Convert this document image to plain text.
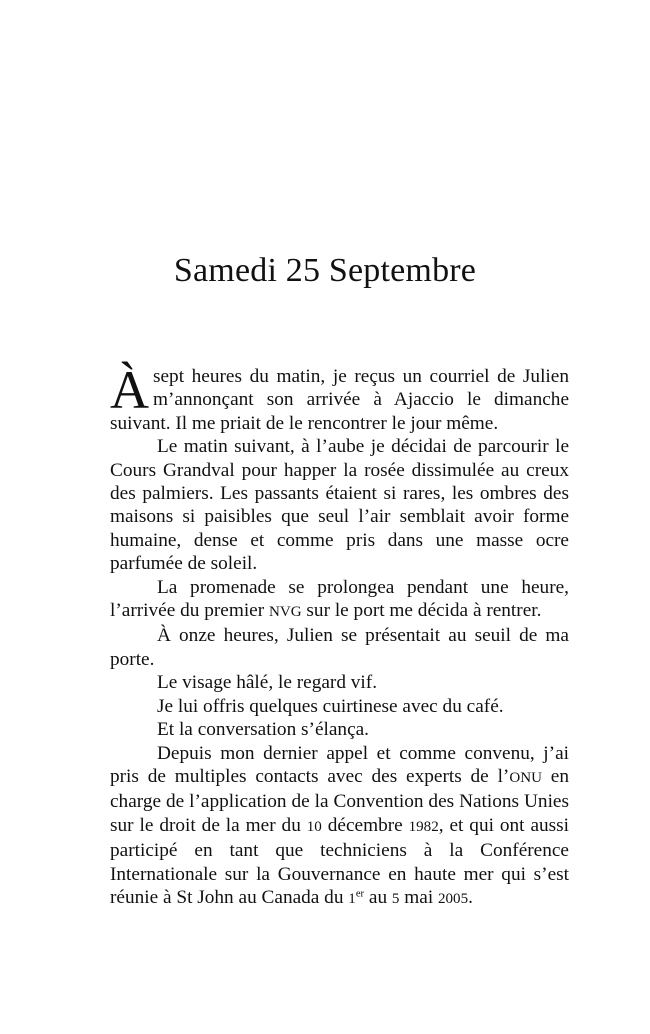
Samedi 25 Septembre

Àsept heures du matin, je reçus un courriel de Julien m’annonçant son arrivée à Ajaccio le dimanche suivant. Il me priait de le rencontrer le jour même.

Le matin suivant, à l’aube je décidai de parcourir le Cours Grandval pour happer la rosée dissimulée au creux des palmiers. Les passants étaient si rares, les ombres des maisons si paisibles que seul l’air semblait avoir forme humaine, dense et comme pris dans une masse ocre parfumée de soleil.

La promenade se prolongea pendant une heure, l’arrivée du premier NVG sur le port me décida à rentrer.

À onze heures, Julien se présentait au seuil de ma porte.

Le visage hâlé, le regard vif.

Je lui offris quelques cuirtinese avec du café.

Et la conversation s’élança.

Depuis mon dernier appel et comme convenu, j’ai pris de multiples contacts avec des experts de l’ONU en charge de l’application de la Convention des Nations Unies sur le droit de la mer du 10 décembre 1982, et qui ont aussi participé en tant que techniciens à la Conférence Internationale sur la Gouvernance en haute mer qui s’est réunie à St John au Canada du 1er au 5 mai 2005.
